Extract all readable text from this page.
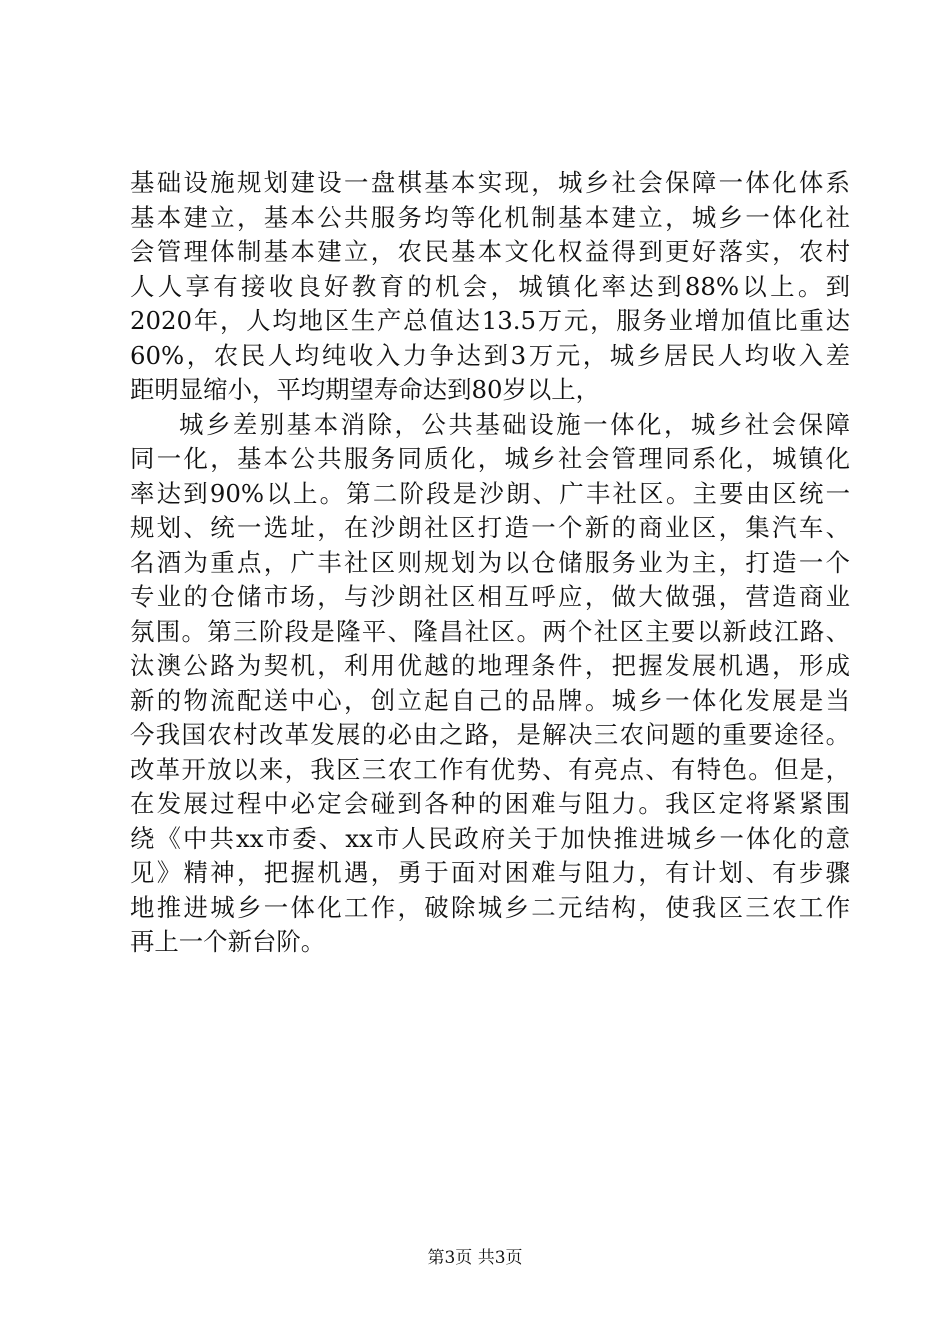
基础设施规划建设一盘棋基本实现，城乡社会保障一体化体系
基本建立，基本公共服务均等化机制基本建立，城乡一体化社
会管理体制基本建立，农民基本文化权益得到更好落实，农村
人人享有接收良好教育的机会，城镇化率达到88%以上。到
2020年，人均地区生产总值达13.5万元，服务业增加值比重达
60%，农民人均纯收入力争达到3万元，城乡居民人均收入差
距明显缩小，平均期望寿命达到80岁以上，
城乡差别基本消除，公共基础设施一体化，城乡社会保障
同一化，基本公共服务同质化，城乡社会管理同系化，城镇化
率达到90%以上。第二阶段是沙朗、广丰社区。主要由区统一
规划、统一选址，在沙朗社区打造一个新的商业区，集汽车、
名酒为重点，广丰社区则规划为以仓储服务业为主，打造一个
专业的仓储市场，与沙朗社区相互呼应，做大做强，营造商业
氛围。第三阶段是隆平、隆昌社区。两个社区主要以新歧江路、
汰澳公路为契机，利用优越的地理条件，把握发展机遇，形成
新的物流配送中心，创立起自己的品牌。城乡一体化发展是当
今我国农村改革发展的必由之路，是解决三农问题的重要途径。
改革开放以来，我区三农工作有优势、有亮点、有特色。但是，
在发展过程中必定会碰到各种的困难与阻力。我区定将紧紧围
绕《中共xx市委、xx市人民政府关于加快推进城乡一体化的意
见》精神，把握机遇，勇于面对困难与阻力，有计划、有步骤
地推进城乡一体化工作，破除城乡二元结构，使我区三农工作
再上一个新台阶。
第3页 共3页
